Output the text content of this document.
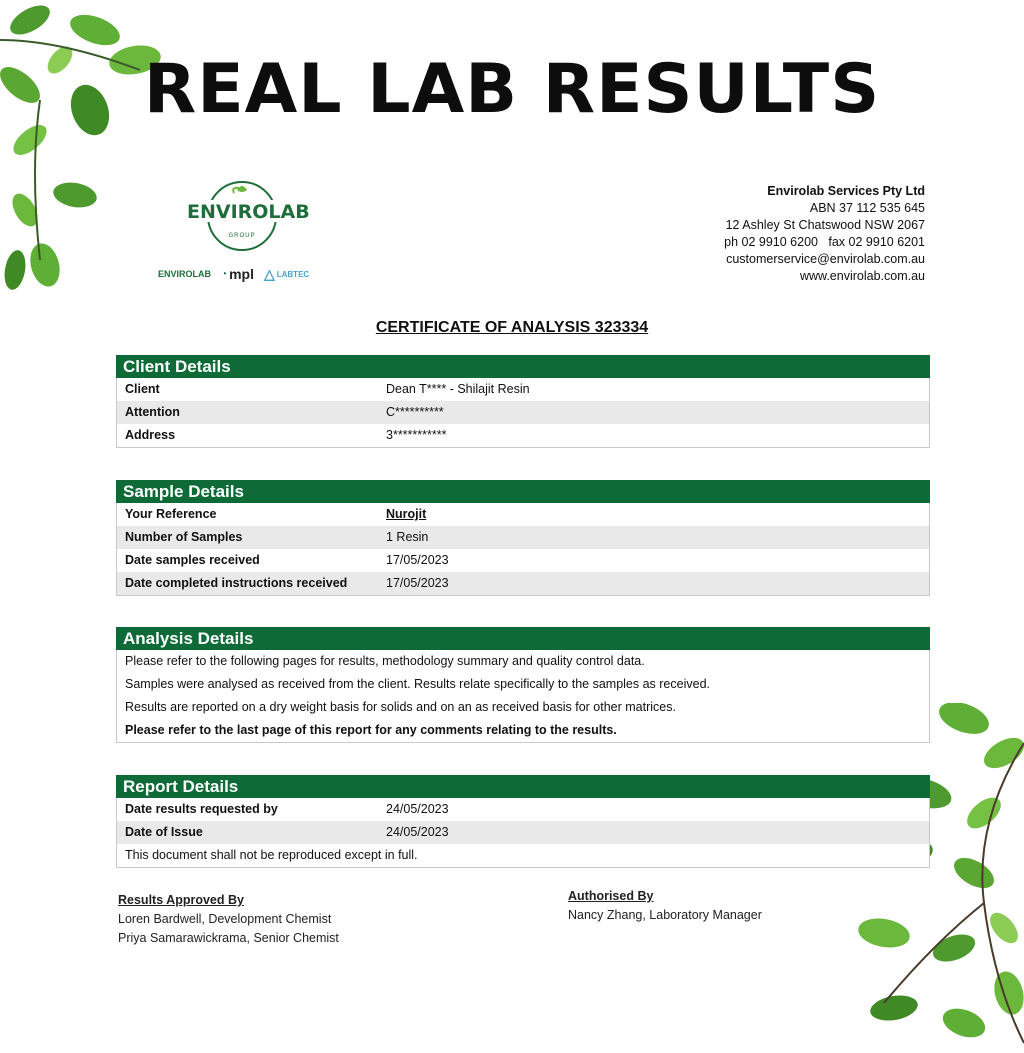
REAL LAB RESULTS
ENVIROLAB
GROUP
ENVIROLAB ◔ mpl △ LABTEC
Envirolab Services Pty Ltd
ABN 37 112 535 645
12 Ashley St Chatswood NSW 2067
ph 02 9910 6200   fax 02 9910 6201
customerservice@envirolab.com.au
www.envirolab.com.au
CERTIFICATE OF ANALYSIS 323334
Client Details
Client	Dean T**** - Shilajit Resin
Attention	C**********
Address	3***********
Sample Details
Your Reference	Nurojit
Number of Samples	1 Resin
Date samples received	17/05/2023
Date completed instructions received	17/05/2023
Analysis Details
Please refer to the following pages for results, methodology summary and quality control data.
Samples were analysed as received from the client. Results relate specifically to the samples as received.
Results are reported on a dry weight basis for solids and on an as received basis for other matrices.
Please refer to the last page of this report for any comments relating to the results.
Report Details
Date results requested by	24/05/2023
Date of Issue	24/05/2023
This document shall not be reproduced except in full.
Results Approved By
Loren Bardwell, Development Chemist
Priya Samarawickrama, Senior Chemist
Authorised By
Nancy Zhang, Laboratory Manager
